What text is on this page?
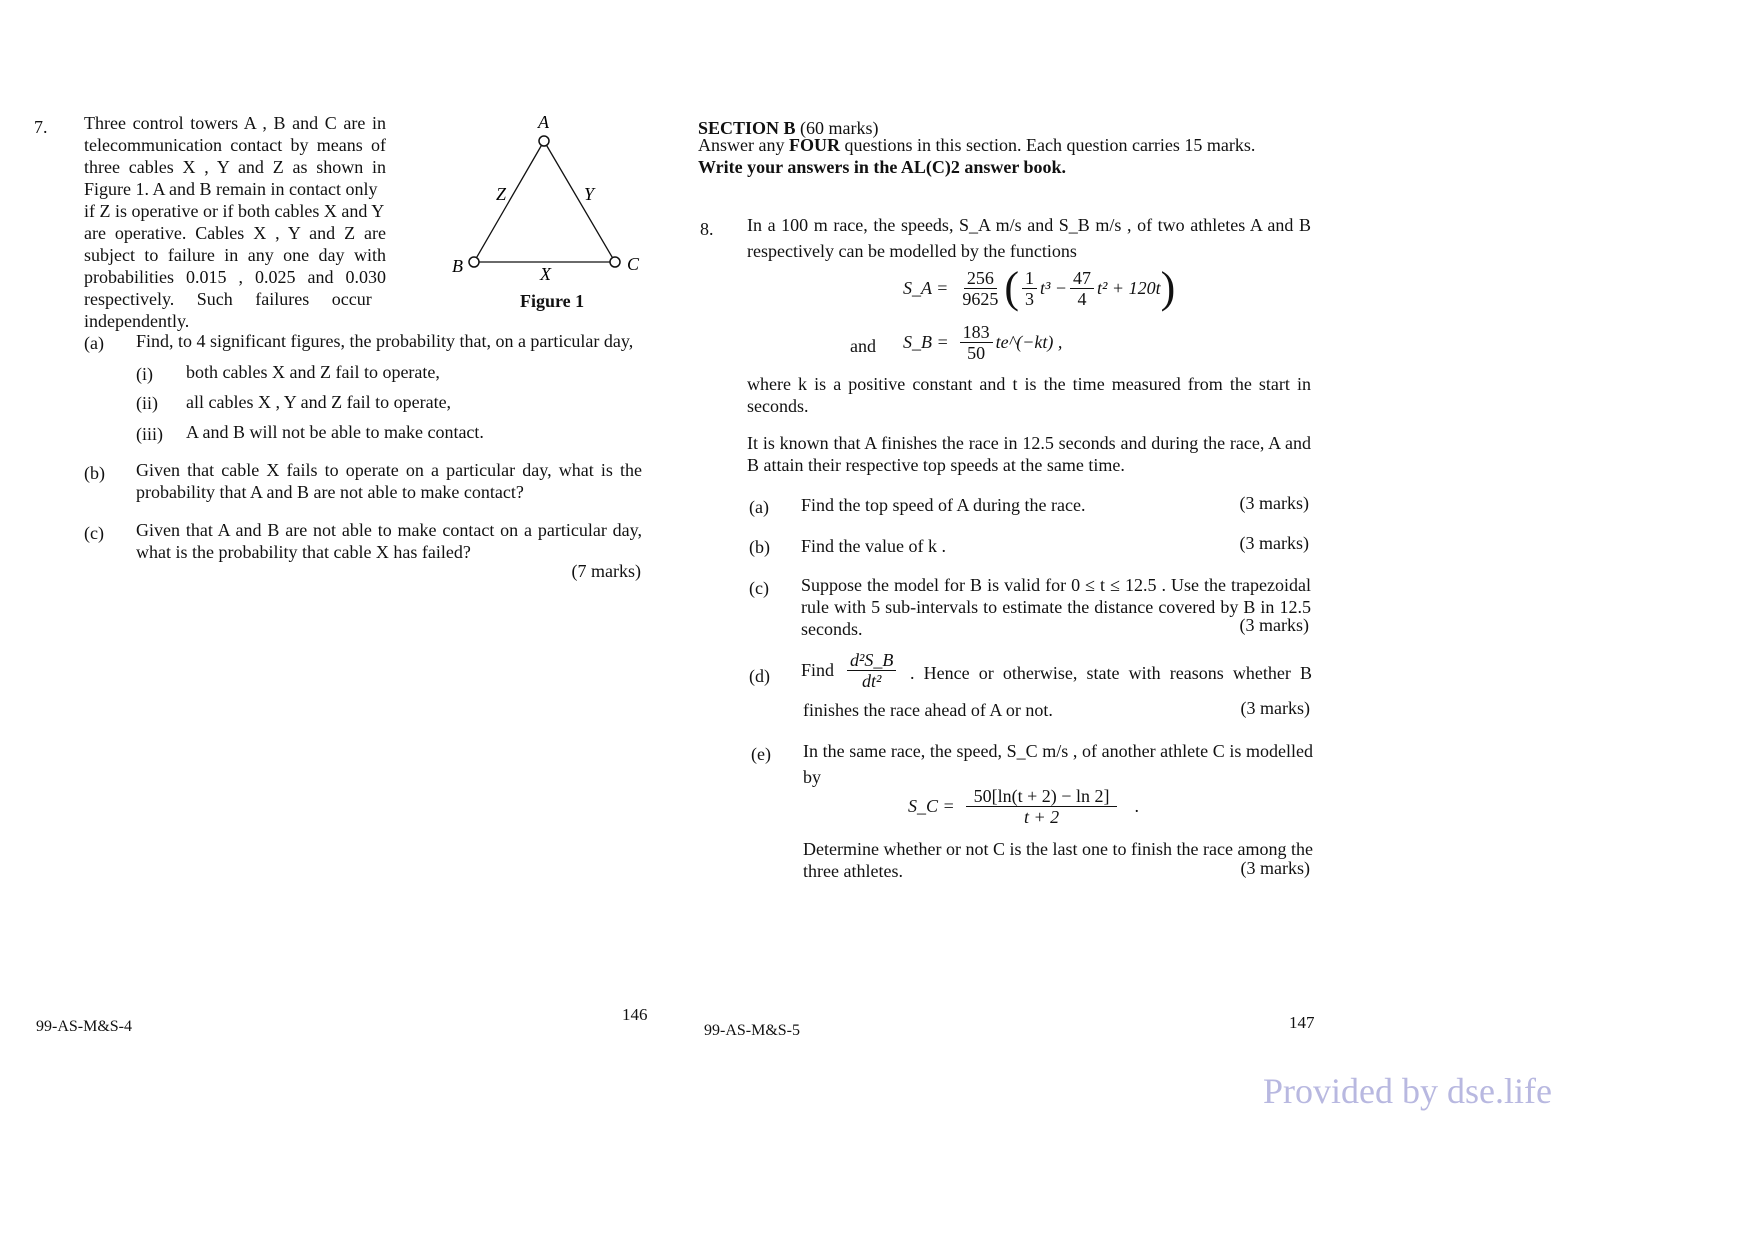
7. Three control towers A , B and C are in
telecommunication contact by means of
three cables X , Y and Z as shown in
Figure 1. A and B remain in contact only
if Z is operative or if both cables X and Y
are operative. Cables X , Y and Z are
subject to failure in any one day with
probabilities 0.015 , 0.025 and 0.030
respectively.     Such     failures     occur
independently.
A
B	C
Z	Y
X
Figure 1
(a) Find, to 4 significant figures, the probability that, on a particular day,
(i) both cables X and Z fail to operate,
(ii) all cables X , Y and Z fail to operate,
(iii) A and B will not be able to make contact.
(b) Given that cable X fails to operate on a particular day, what is the
probability that A and B are not able to make contact?
(c) Given that A and B are not able to make contact on a particular day,
what is the probability that cable X has failed?
(7 marks)
99-AS-M&S-4
146
SECTION B (60 marks)
Answer any FOUR questions in this section. Each question carries 15 marks.
Write your answers in the AL(C)2 answer book.
8. In a 100 m race, the speeds, S_A m/s and S_B m/s , of two athletes A and B
respectively can be modelled by the functions
S_A = $\frac{256}{9625}$ ( $\frac{1}{3} t^3 - \frac{47}{4} t^2 + 120t$ )
and S_B = $\frac{183}{50}$ te^(−kt) ,
where k is a positive constant and t is the time measured from the start in
seconds.
It is known that A finishes the race in 12.5 seconds and during the race, A and
B attain their respective top speeds at the same time.
(a) Find the top speed of A during the race.	(3 marks)
(b) Find the value of k .	(3 marks)
(c) Suppose the model for B is valid for 0 ≤ t ≤ 12.5 . Use the trapezoidal
rule with 5 sub-intervals to estimate the distance covered by B in 12.5
seconds.	(3 marks)
(d) Find $\frac{\text{d²S\_B}}{\text{dt²}}$ . Hence or otherwise, state with reasons whether B
finishes the race ahead of A or not.	(3 marks)
(e) In the same race, the speed, S_C m/s , of another athlete C is modelled
by
S_C = $\frac{50[\ln(t + 2) - \ln 2]}{t + 2}$ .
Determine whether or not C is the last one to finish the race among the
three athletes.	(3 marks)
99-AS-M&S-5	147
Provided by dse.life
